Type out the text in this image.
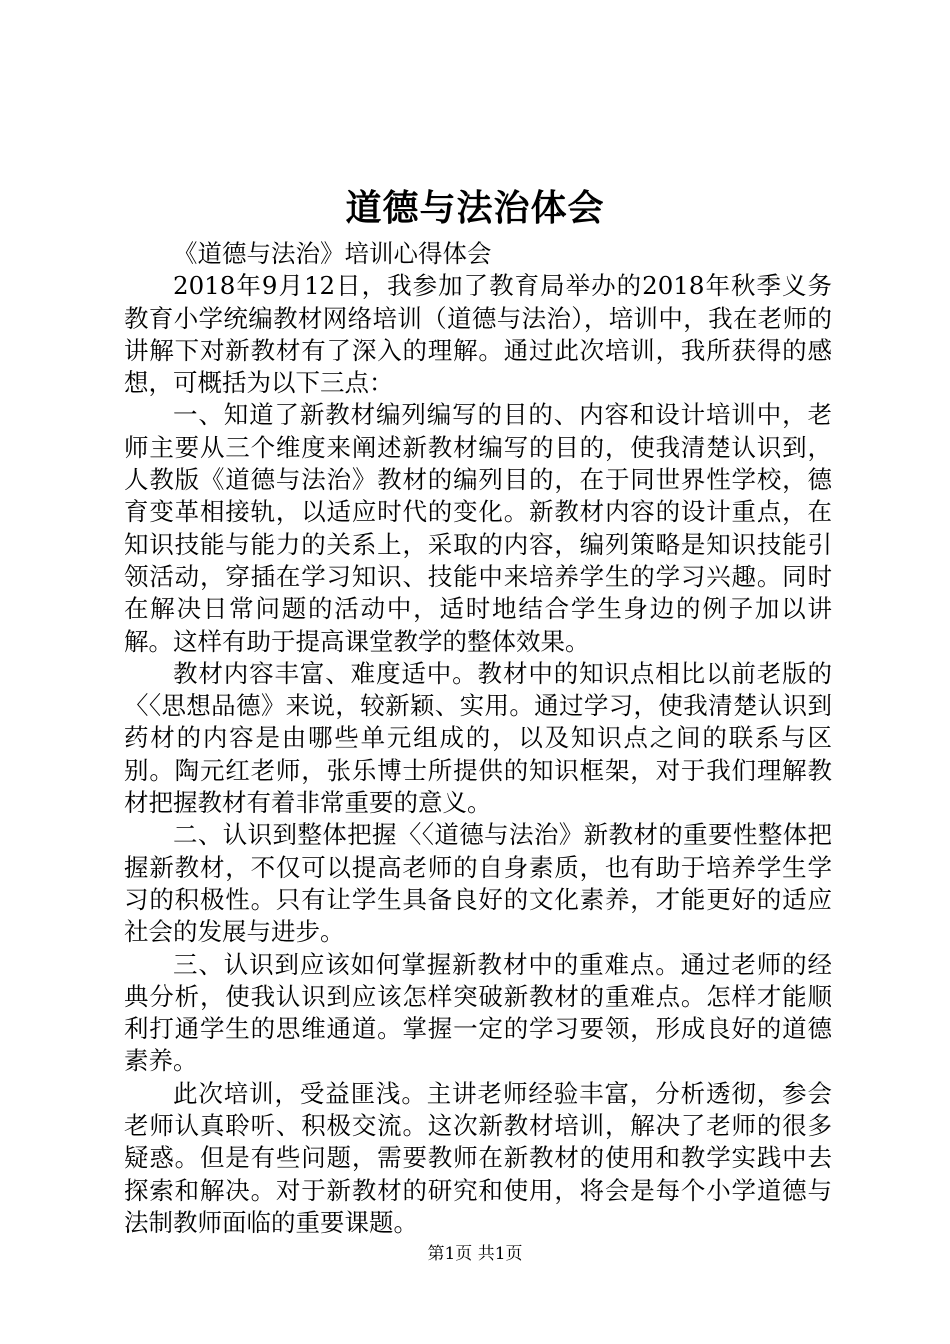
道德与法治体会

《道德与法治》培训心得体会

2018年9月12日，我参加了教育局举办的2018年秋季义务教育小学统编教材网络培训（道德与法治），培训中，我在老师的讲解下对新教材有了深入的理解。通过此次培训，我所获得的感想，可概括为以下三点：

一、知道了新教材编列编写的目的、内容和设计培训中，老师主要从三个维度来阐述新教材编写的目的，使我清楚认识到，人教版《道德与法治》教材的编列目的，在于同世界性学校，德育变革相接轨，以适应时代的变化。新教材内容的设计重点，在知识技能与能力的关系上，采取的内容，编列策略是知识技能引领活动，穿插在学习知识、技能中来培养学生的学习兴趣。同时在解决日常问题的活动中，适时地结合学生身边的例子加以讲解。这样有助于提高课堂教学的整体效果。

教材内容丰富、难度适中。教材中的知识点相比以前老版的〈〈思想品德》来说，较新颖、实用。通过学习，使我清楚认识到药材的内容是由哪些单元组成的，以及知识点之间的联系与区别。陶元红老师，张乐博士所提供的知识框架，对于我们理解教材把握教材有着非常重要的意义。

二、认识到整体把握〈〈道德与法治》新教材的重要性整体把握新教材，不仅可以提高老师的自身素质，也有助于培养学生学习的积极性。只有让学生具备良好的文化素养，才能更好的适应社会的发展与进步。

三、认识到应该如何掌握新教材中的重难点。通过老师的经典分析，使我认识到应该怎样突破新教材的重难点。怎样才能顺利打通学生的思维通道。掌握一定的学习要领，形成良好的道德素养。

此次培训，受益匪浅。主讲老师经验丰富，分析透彻，参会老师认真聆听、积极交流。这次新教材培训，解决了老师的很多疑惑。但是有些问题，需要教师在新教材的使用和教学实践中去探索和解决。对于新教材的研究和使用，将会是每个小学道德与法制教师面临的重要课题。

第1页 共1页
